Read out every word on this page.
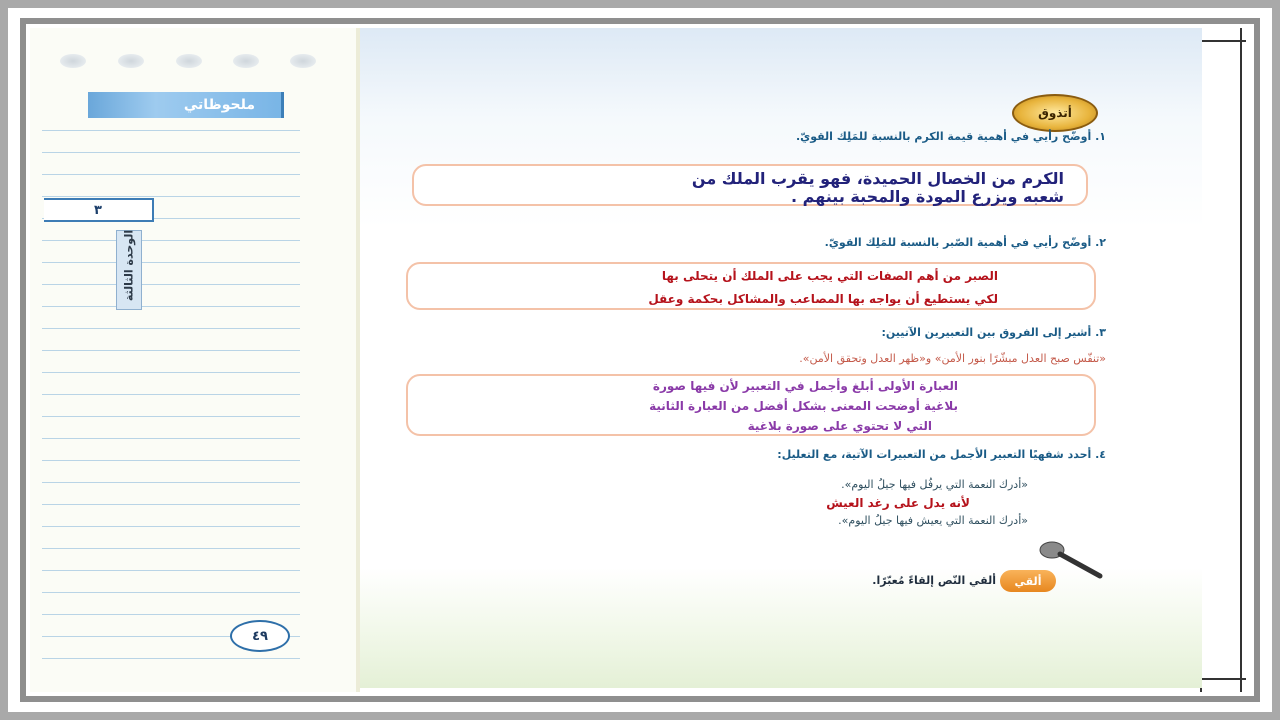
ملحوظاتي
٣
الوحدة الثالثة
٤٩
أتذوق
١. أوضّح رأيي في أهمية قيمة الكرم بالنسبة للمَلِك القويّ.
الكرم من الخصال الحميدة، فهو يقرب الملك من
شعبه ويزرع المودة والمحبة بينهم .
٢. أوضّح رأيي في أهمية الصّبر بالنسبة للمَلِك القويّ.
الصبر من أهم الصفات التي يجب على الملك أن يتحلى بها
لكي يستطيع أن يواجه بها المصاعب والمشاكل بحكمة وعقل
٣. أشير إلى الفروق بين التعبيرين الآتيين:
«تنفّس صبح العدل مبشّرًا بنور الأمن» و«ظهر العدل وتحقق الأمن».
العبارة الأولى أبلغ وأجمل في التعبير لأن فيها صورة
بلاغية أوضحت المعنى بشكل أفضل من العبارة الثانية
التي لا تحتوي على صورة بلاغية
٤. أحدد شفهيًا التعبير الأجمل من التعبيرات الآتية، مع التعليل:
«أدرك النعمة التي يرفُل فيها جيلُ اليوم».
لأنه يدل على رغد العيش
«أدرك النعمة التي يعيش فيها جيلُ اليوم».
ألقي
ألقي النّص إلقاءً مُعبّرًا.
